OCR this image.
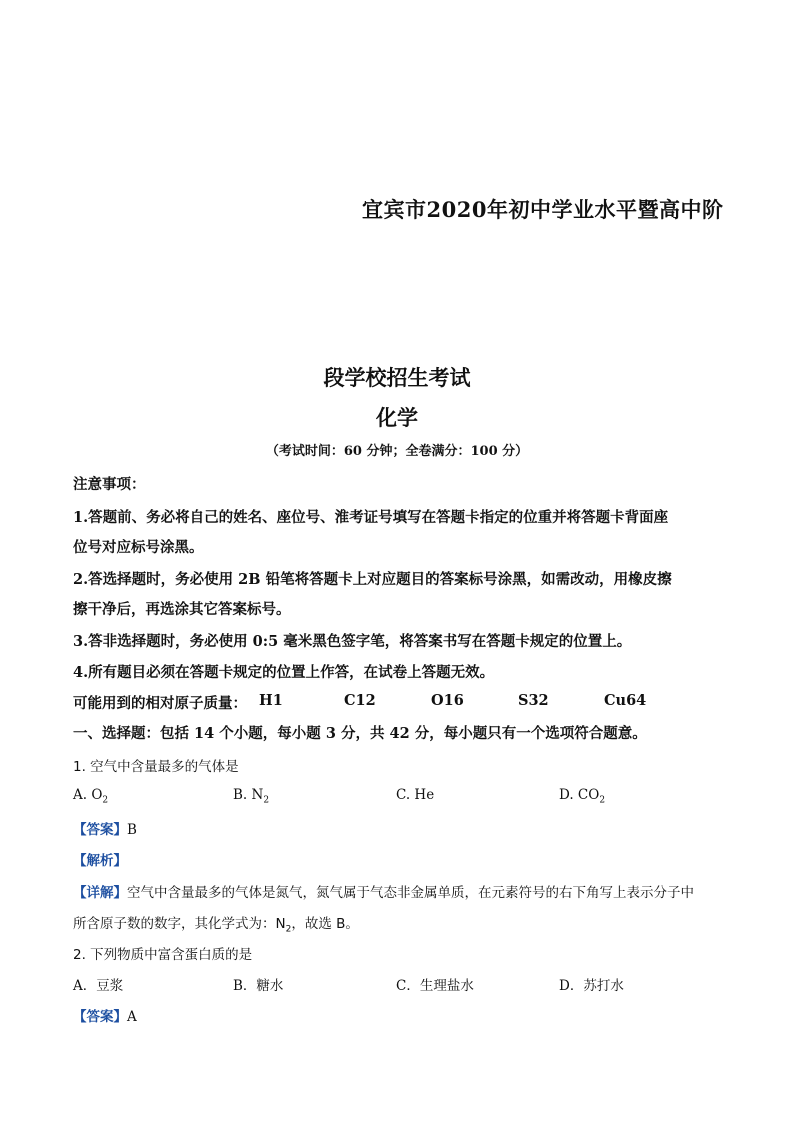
宜宾市2020年初中学业水平暨高中阶
段学校招生考试
化学
（考试时间：60 分钟；全卷满分：100 分）
注意事项：
1.答题前、务必将自己的姓名、座位号、淮考证号填写在答题卡指定的位重并将答题卡背面座
位号对应标号涂黑。
2.答选择题时，务必使用 2B 铅笔将答题卡上对应题目的答案标号涂黑，如需改动，用橡皮擦
擦干净后，再选涂其它答案标号。
3.答非选择题时，务必使用 0:5 毫米黑色签字笔，将答案书写在答题卡规定的位置上。
4.所有题目必须在答题卡规定的位置上作答，在试卷上答题无效。
可能用到的相对原子质量： H1	C12	O16	S32	Cu64
一、选择题：包括 14 个小题，每小题 3 分，共 42 分，每小题只有一个选项符合题意。
1. 空气中含量最多的气体是
A. $O_2$	B. $N_2$	C. He	D. $CO_2$
【答案】B
【解析】
【详解】空气中含量最多的气体是氮气，氮气属于气态非金属单质，在元素符号的右下角写上表示分子中
所含原子数的数字，其化学式为：$N_2$，故选 B。
2. 下列物质中富含蛋白质的是
A．豆浆	B．糖水	C．生理盐水	D．苏打水
【答案】A
